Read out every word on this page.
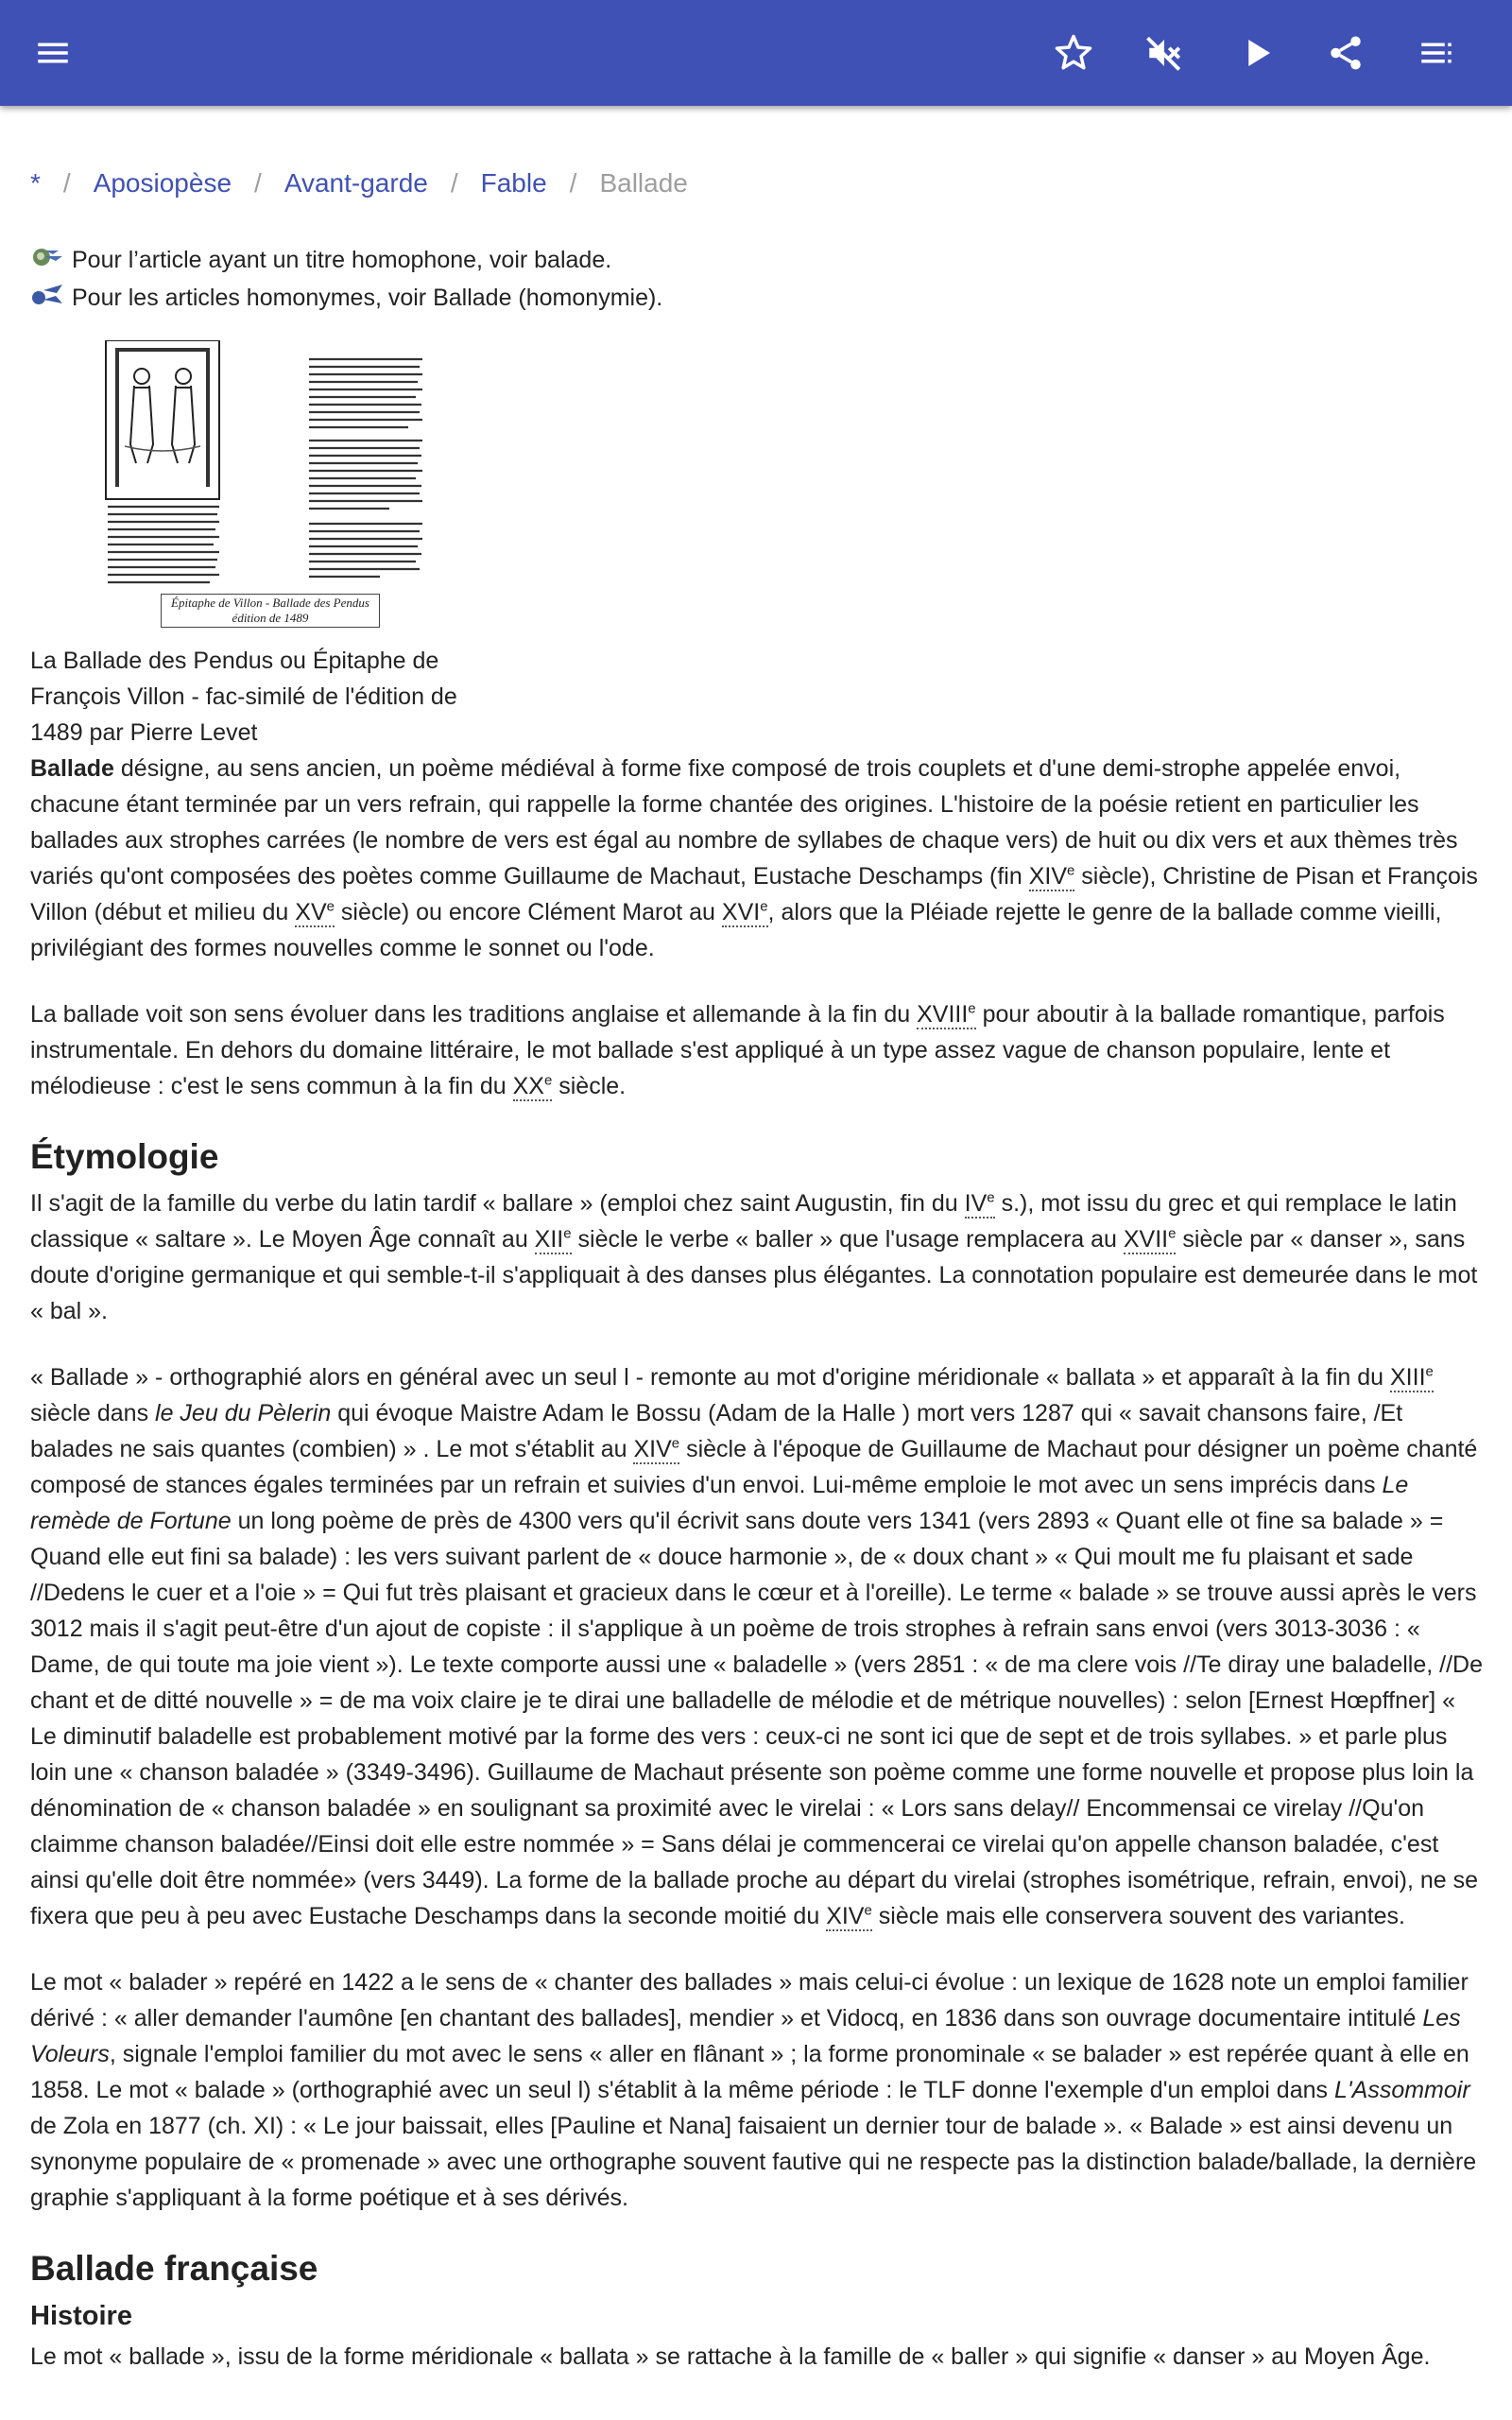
* / Aposiopèse / Avant-garde / Fable / Ballade
Pour l’article ayant un titre homophone, voir balade.
Pour les articles homonymes, voir Ballade (homonymie).
Épitaphe de Villon - Ballade des Pendus édition de 1489
La Ballade des Pendus ou Épitaphe de François Villon - fac-similé de l'édition de 1489 par Pierre Levet

Ballade désigne, au sens ancien, un poème médiéval à forme fixe composé de trois couplets et d'une demi-strophe appelée envoi, chacune étant terminée par un vers refrain, qui rappelle la forme chantée des origines. L'histoire de la poésie retient en particulier les ballades aux strophes carrées (le nombre de vers est égal au nombre de syllabes de chaque vers) de huit ou dix vers et aux thèmes très variés qu'ont composées des poètes comme Guillaume de Machaut, Eustache Deschamps (fin XIVe siècle), Christine de Pisan et François Villon (début et milieu du XVe siècle) ou encore Clément Marot au XVIe, alors que la Pléiade rejette le genre de la ballade comme vieilli, privilégiant des formes nouvelles comme le sonnet ou l'ode.

La ballade voit son sens évoluer dans les traditions anglaise et allemande à la fin du XVIIIe pour aboutir à la ballade romantique, parfois instrumentale. En dehors du domaine littéraire, le mot ballade s'est appliqué à un type assez vague de chanson populaire, lente et mélodieuse : c'est le sens commun à la fin du XXe siècle.

Étymologie

Il s'agit de la famille du verbe du latin tardif « ballare » (emploi chez saint Augustin, fin du IVe s.), mot issu du grec et qui remplace le latin classique « saltare ». Le Moyen Âge connaît au XIIe siècle le verbe « baller » que l'usage remplacera au XVIIe siècle par « danser », sans doute d'origine germanique et qui semble-t-il s'appliquait à des danses plus élégantes. La connotation populaire est demeurée dans le mot « bal ».

« Ballade » - orthographié alors en général avec un seul l - remonte au mot d'origine méridionale « ballata » et apparaît à la fin du XIIIe siècle dans le Jeu du Pèlerin qui évoque Maistre Adam le Bossu (Adam de la Halle ) mort vers 1287 qui « savait chansons faire, /Et balades ne sais quantes (combien) » . Le mot s'établit au XIVe siècle à l'époque de Guillaume de Machaut pour désigner un poème chanté composé de stances égales terminées par un refrain et suivies d'un envoi. Lui-même emploie le mot avec un sens imprécis dans Le remède de Fortune un long poème de près de 4300 vers qu'il écrivit sans doute vers 1341 (vers 2893 « Quant elle ot fine sa balade » = Quand elle eut fini sa balade) : les vers suivant parlent de « douce harmonie », de « doux chant » « Qui moult me fu plaisant et sade //Dedens le cuer et a l'oie » = Qui fut très plaisant et gracieux dans le cœur et à l'oreille). Le terme « balade » se trouve aussi après le vers 3012 mais il s'agit peut-être d'un ajout de copiste : il s'applique à un poème de trois strophes à refrain sans envoi (vers 3013-3036 : « Dame, de qui toute ma joie vient »). Le texte comporte aussi une « baladelle » (vers 2851 : « de ma clere vois //Te diray une baladelle, //De chant et de ditté nouvelle » = de ma voix claire je te dirai une balladelle de mélodie et de métrique nouvelles) : selon [Ernest Hœpffner] « Le diminutif baladelle est probablement motivé par la forme des vers : ceux-ci ne sont ici que de sept et de trois syllabes. » et parle plus loin une « chanson baladée » (3349-3496). Guillaume de Machaut présente son poème comme une forme nouvelle et propose plus loin la dénomination de « chanson baladée » en soulignant sa proximité avec le virelai : « Lors sans delay// Encommensai ce virelay //Qu'on claimme chanson baladée//Einsi doit elle estre nommée » = Sans délai je commencerai ce virelai qu'on appelle chanson baladée, c'est ainsi qu'elle doit être nommée» (vers 3449). La forme de la ballade proche au départ du virelai (strophes isométrique, refrain, envoi), ne se fixera que peu à peu avec Eustache Deschamps dans la seconde moitié du XIVe siècle mais elle conservera souvent des variantes.

Le mot « balader » repéré en 1422 a le sens de « chanter des ballades » mais celui-ci évolue : un lexique de 1628 note un emploi familier dérivé : « aller demander l'aumône [en chantant des ballades], mendier » et Vidocq, en 1836 dans son ouvrage documentaire intitulé Les Voleurs, signale l'emploi familier du mot avec le sens « aller en flânant » ; la forme pronominale « se balader » est repérée quant à elle en 1858. Le mot « balade » (orthographié avec un seul l) s'établit à la même période : le TLF donne l'exemple d'un emploi dans L'Assommoir de Zola en 1877 (ch. XI) : « Le jour baissait, elles [Pauline et Nana] faisaient un dernier tour de balade ». « Balade » est ainsi devenu un synonyme populaire de « promenade » avec une orthographe souvent fautive qui ne respecte pas la distinction balade/ballade, la dernière graphie s'appliquant à la forme poétique et à ses dérivés.

Ballade française
Histoire

Le mot « ballade », issu de la forme méridionale « ballata » se rattache à la famille de « baller » qui signifie « danser » au Moyen Âge.
